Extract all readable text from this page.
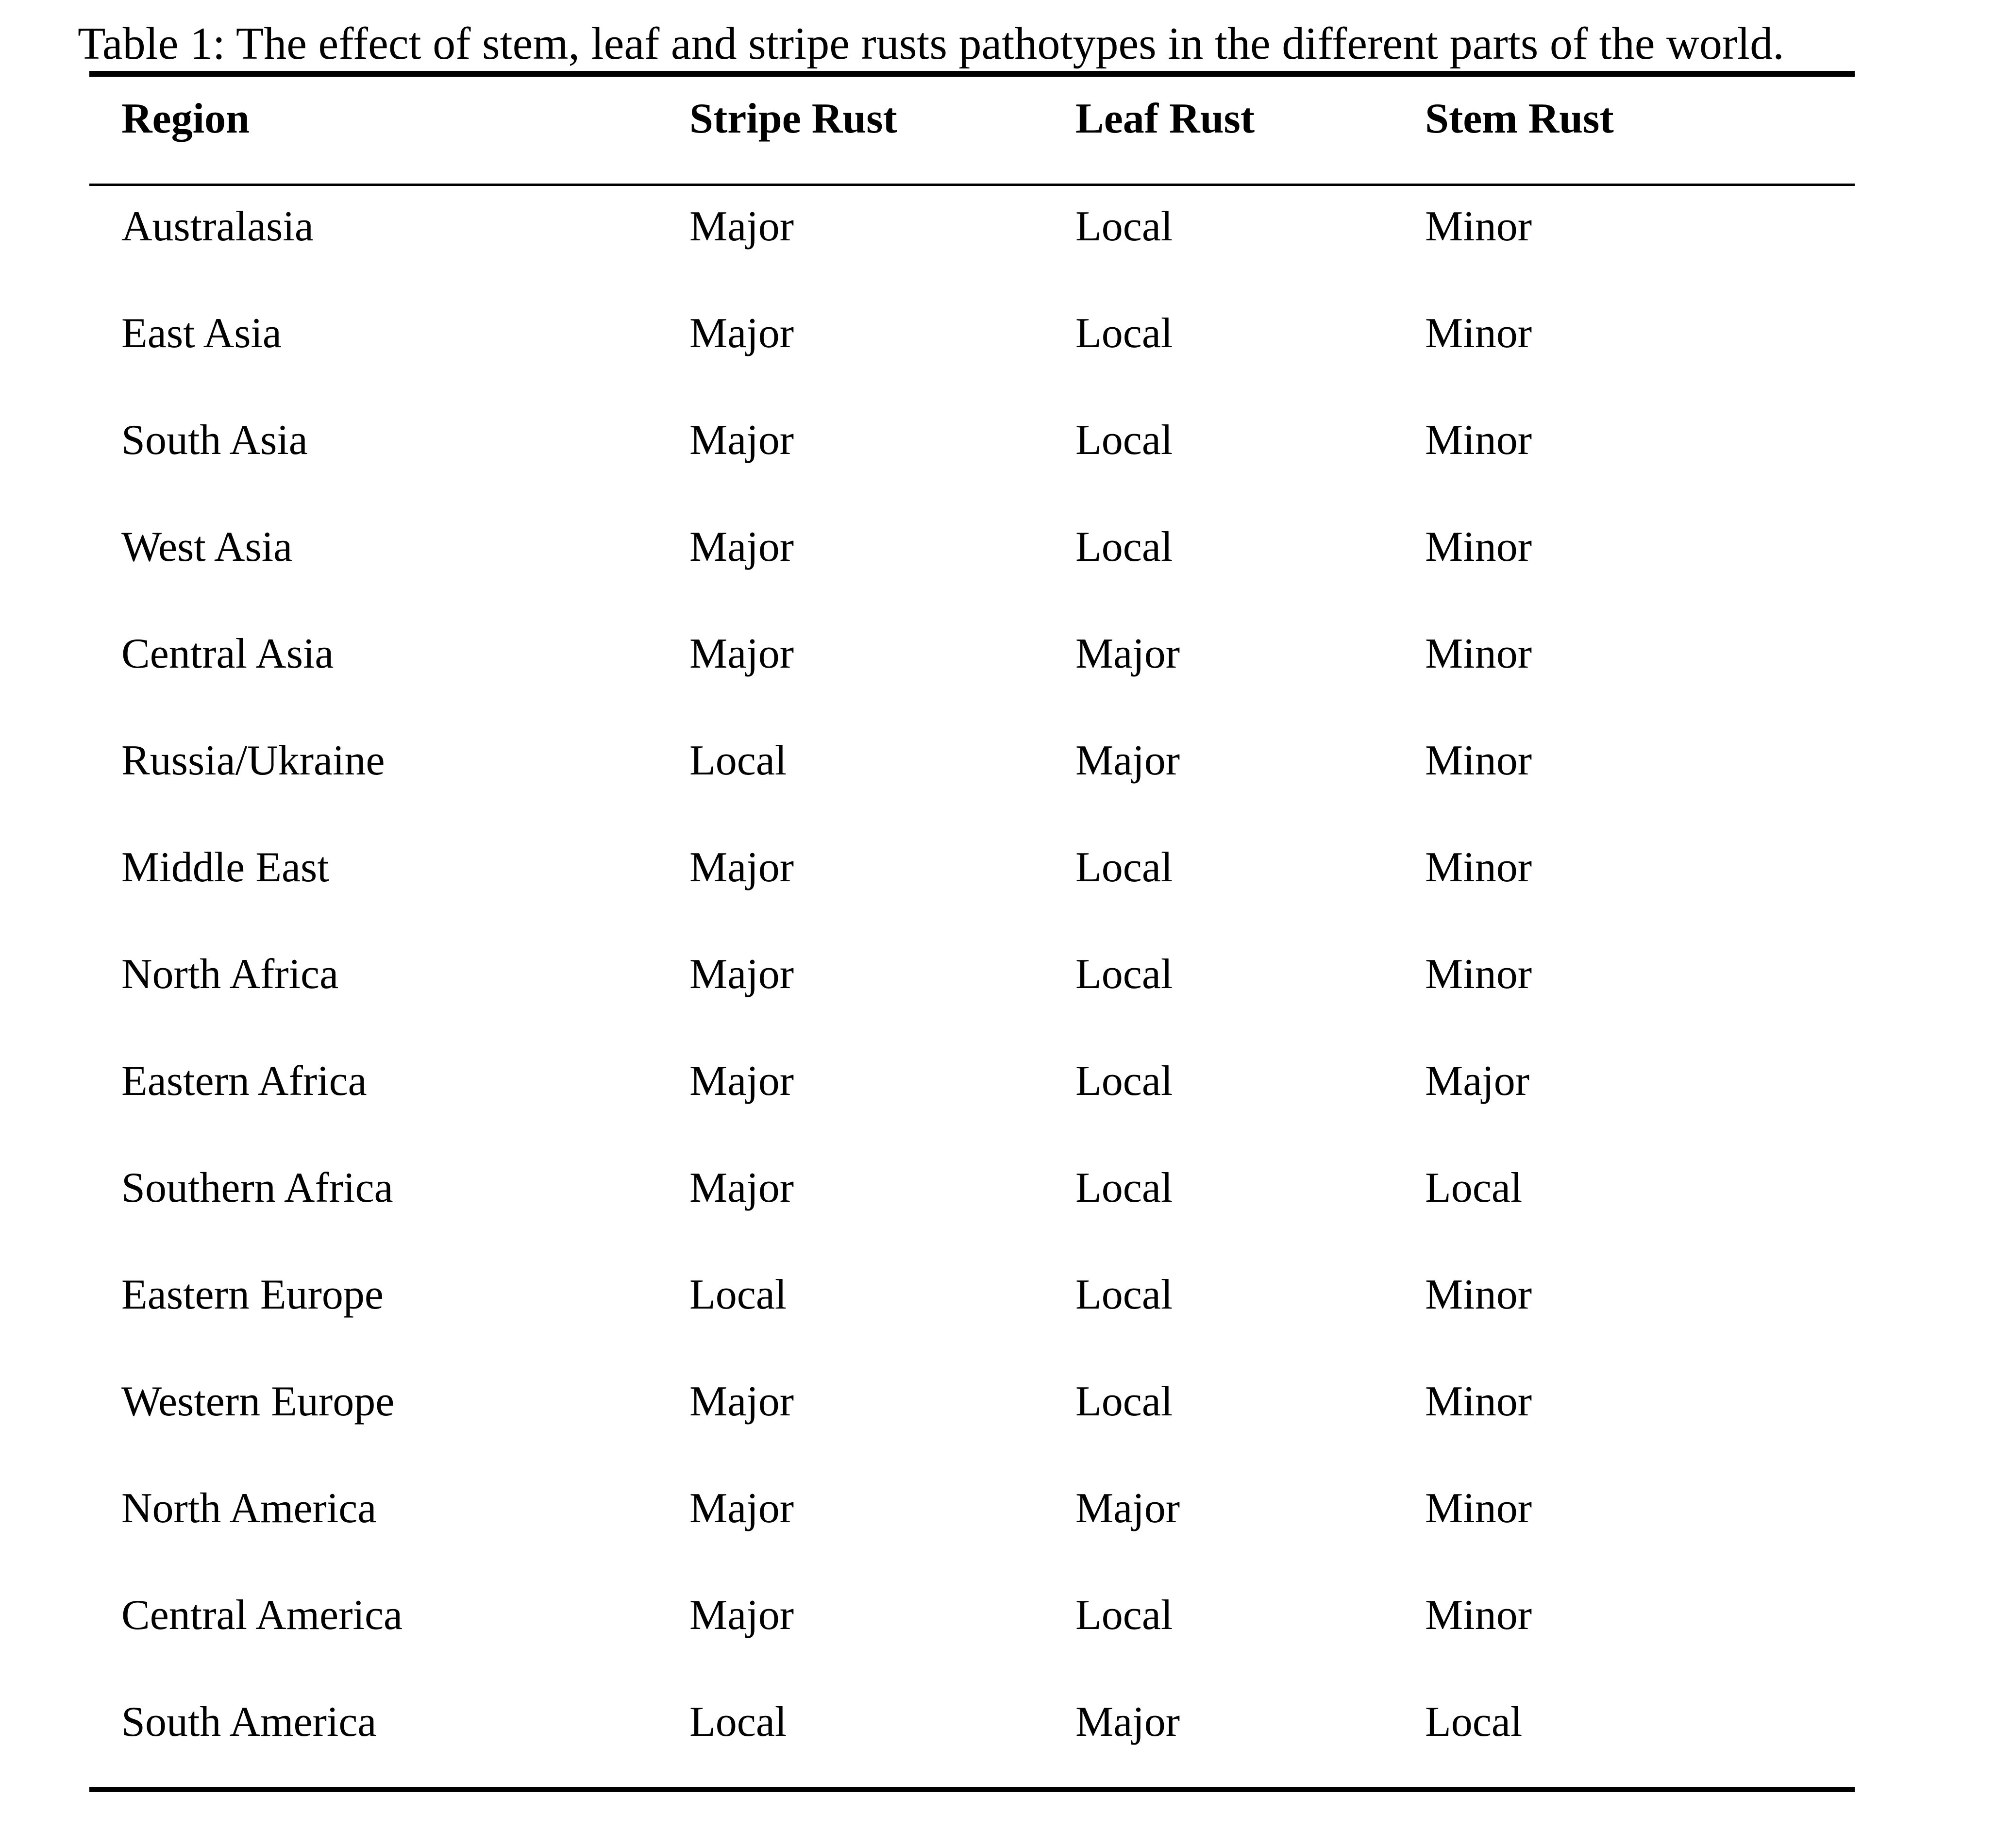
Table 1: The effect of stem, leaf and stripe rusts pathotypes in the different parts of the world.
Region	Stripe Rust	Leaf Rust	Stem Rust
Australasia	Major	Local	Minor
East Asia	Major	Local	Minor
South Asia	Major	Local	Minor
West Asia	Major	Local	Minor
Central Asia	Major	Major	Minor
Russia/Ukraine	Local	Major	Minor
Middle East	Major	Local	Minor
North Africa	Major	Local	Minor
Eastern Africa	Major	Local	Major
Southern Africa	Major	Local	Local
Eastern Europe	Local	Local	Minor
Western Europe	Major	Local	Minor
North America	Major	Major	Minor
Central America	Major	Local	Minor
South America	Local	Major	Local
